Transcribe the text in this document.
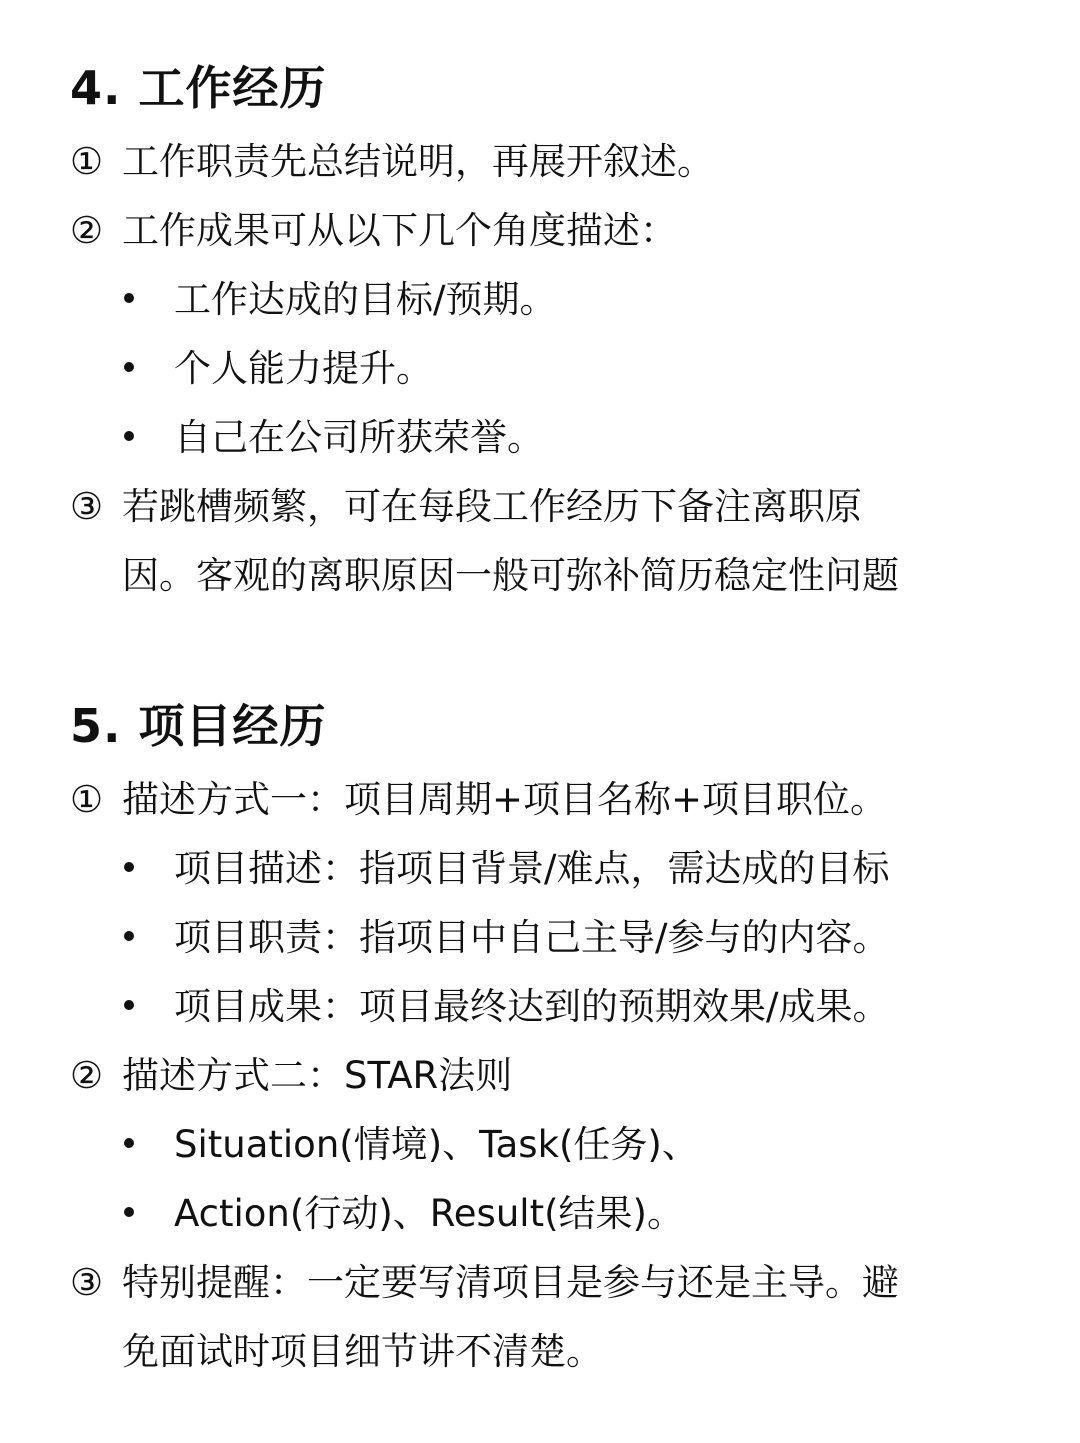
4. 工作经历
① 工作职责先总结说明，再展开叙述。
② 工作成果可从以下几个角度描述：
工作达成的目标/预期。
个人能力提升。
自己在公司所获荣誉。
③ 若跳槽频繁，可在每段工作经历下备注离职原
因。客观的离职原因一般可弥补简历稳定性问题
5. 项目经历
① 描述方式一：项目周期+项目名称+项目职位。
项目描述：指项目背景/难点，需达成的目标
项目职责：指项目中自己主导/参与的内容。
项目成果：项目最终达到的预期效果/成果。
② 描述方式二：STAR法则
Situation(情境)、Task(任务)、
Action(行动)、Result(结果)。
③ 特别提醒：一定要写清项目是参与还是主导。避
免面试时项目细节讲不清楚。
